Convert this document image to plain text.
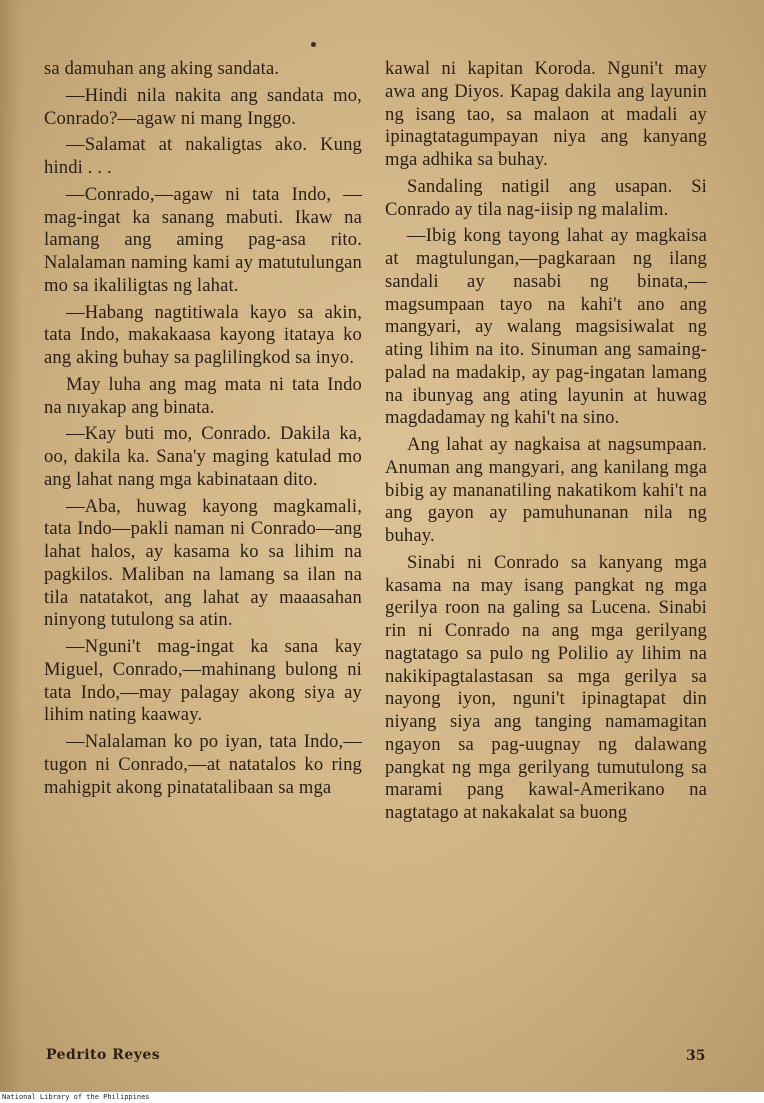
sa damuhan ang aking sandata.

—Hindi nila nakita ang sandata mo, Conrado?—agaw ni mang Inggo.

—Salamat at nakaligtas ako. Kung hindi . . .

—Conrado,—agaw ni tata Indo, — mag-ingat ka sanang mabuti. Ikaw na lamang ang aming pag-asa rito. Nalalaman naming kami ay matutulungan mo sa ikaliligtas ng lahat.

—Habang nagtitiwala kayo sa akin, tata Indo, makakaasa kayong itataya ko ang aking buhay sa paglilingkod sa inyo.

May luha ang mag mata ni tata Indo na nıyakap ang binata.

—Kay buti mo, Conrado. Dakila ka, oo, dakila ka. Sana'y maging katulad mo ang lahat nang mga kabinataan dito.

—Aba, huwag kayong magkamali, tata Indo—pakli naman ni Conrado—ang lahat halos, ay kasama ko sa lihim na pagkilos. Maliban na lamang sa ilan na tila natatakot, ang lahat ay maaasahan ninyong tutulong sa atin.

—Nguni't mag-ingat ka sana kay Miguel, Conrado,—mahinang bulong ni tata Indo,—may palagay akong siya ay lihim nating kaaway.

—Nalalaman ko po iyan, tata Indo,—tugon ni Conrado,—at natatalos ko ring mahigpit akong pinatatalibaan sa mga

kawal ni kapitan Koroda. Nguni't may awa ang Diyos. Kapag dakila ang layunin ng isang tao, sa malaon at madali ay ipinagtatagumpayan niya ang kanyang mga adhika sa buhay.

Sandaling natigil ang usapan. Si Conrado ay tila nag-iisip ng malalim.

—Ibig kong tayong lahat ay magkaisa at magtulungan,—pagkaraan ng ilang sandali ay nasabi ng binata,—magsumpaan tayo na kahi't ano ang mangyari, ay walang magsisiwalat ng ating lihim na ito. Sinuman ang samaing-palad na madakip, ay pag-ingatan lamang na ibunyag ang ating layunin at huwag magdadamay ng kahi't na sino.

Ang lahat ay nagkaisa at nagsumpaan. Anuman ang mangyari, ang kanilang mga bibig ay mananatiling nakatikom kahi't na ang gayon ay pamuhunanan nila ng buhay.

Sinabi ni Conrado sa kanyang mga kasama na may isang pangkat ng mga gerilya roon na galing sa Lucena. Sinabi rin ni Conrado na ang mga gerilyang nagtatago sa pulo ng Polilio ay lihim na nakikipagtalastasan sa mga gerilya sa nayong iyon, nguni't ipinagtapat din niyang siya ang tanging namamagitan ngayon sa pag-uugnay ng dalawang pangkat ng mga gerilyang tumutulong sa marami pang kawal-Amerikano na nagtatago at nakakalat sa buong

Pedrito Reyes	35
National Library of the Philippines
